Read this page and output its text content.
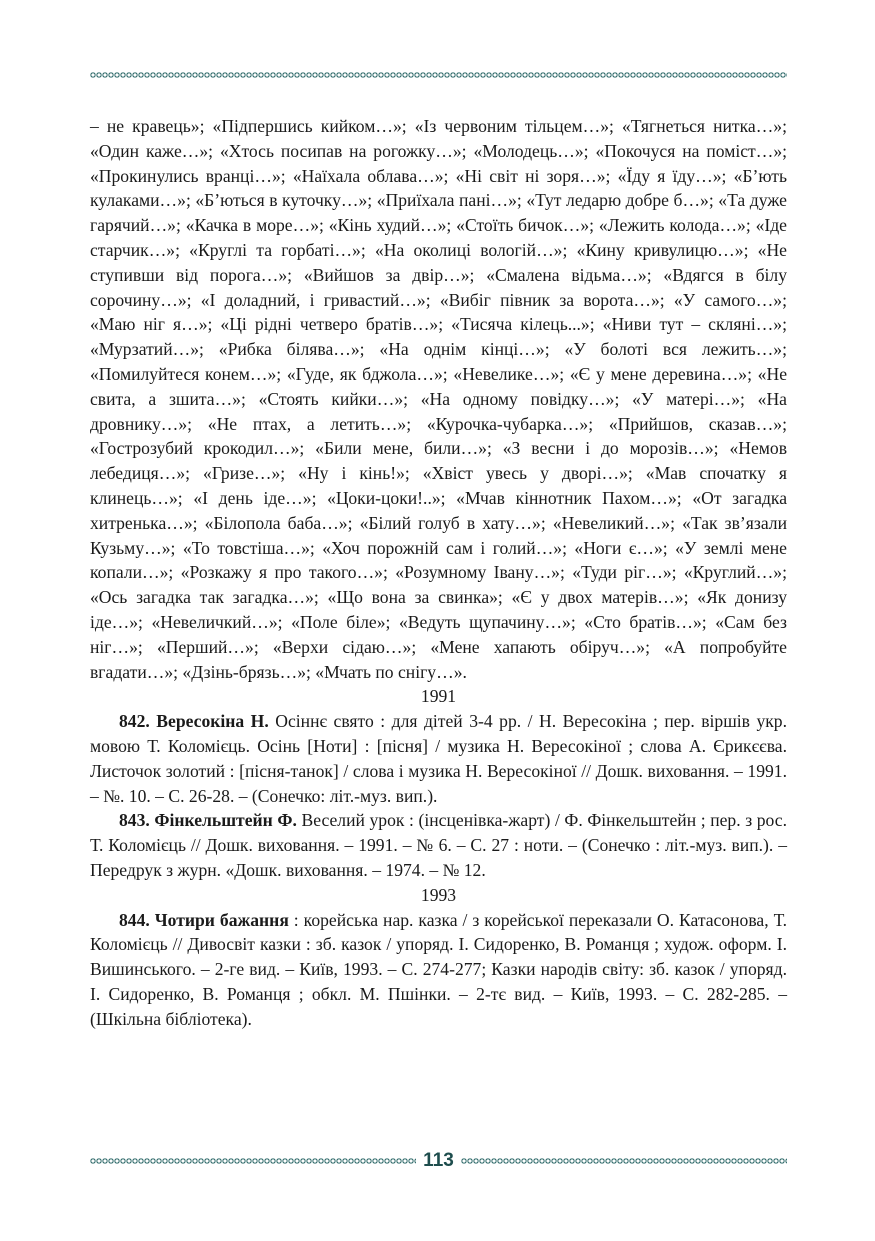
– не кравець»; «Підпершись кийком…»; «Із червоним тільцем…»; «Тягнеться нитка…»; «Один каже…»; «Хтось посипав на рогожку…»; «Молодець…»; «Покочуся на поміст…»; «Прокинулись вранці…»; «Наїхала облава…»; «Ні світ ні зоря…»; «Їду я їду…»; «Б’ють кулаками…»; «Б’ються в куточку…»; «Приїхала пані…»; «Тут ледарю добре б…»; «Та дуже гарячий…»; «Качка в море…»; «Кінь худий…»; «Стоїть бичок…»; «Лежить колода…»; «Іде старчик…»; «Круглі та горбаті…»; «На околиці вологій…»; «Кину кривулицю…»; «Не ступивши від порога…»; «Вийшов за двір…»; «Смалена відьма…»; «Вдягся в білу сорочину…»; «І доладний, і гривастий…»; «Вибіг півник за ворота…»; «У самого…»; «Маю ніг я…»; «Ці рідні четверо братів…»; «Тисяча кілець...»; «Ниви тут – скляні…»; «Мурзатий…»; «Рибка білява…»; «На однім кінці…»; «У болоті вся лежить…»; «Помилуйтеся конем…»; «Гуде, як бджола…»; «Невелике…»; «Є у мене деревина…»; «Не свита, а зшита…»; «Стоять кийки…»; «На одному повідку…»; «У матері…»; «На дровнику…»; «Не птах, а летить…»; «Курочка-чубарка…»; «Прийшов, сказав…»; «Гострозубий крокодил…»; «Били мене, били…»; «З весни і до морозів…»; «Немов лебедиця…»; «Гризе…»; «Ну і кінь!»; «Хвіст увесь у дворі…»; «Мав спочатку я клинець…»; «І день іде…»; «Цоки-цоки!..»; «Мчав кіннотник Пахом…»; «От загадка хитренька…»; «Білопола баба…»; «Білий голуб в хату…»; «Невеликий…»; «Так зв’язали Кузьму…»; «То товстіша…»; «Хоч порожній сам і голий…»; «Ноги є…»; «У землі мене копали…»; «Розкажу я про такого…»; «Розумному Івану…»; «Туди ріг…»; «Круглий…»; «Ось загадка так загадка…»; «Що вона за свинка»; «Є у двох матерів…»; «Як донизу іде…»; «Невеличкий…»; «Поле біле»; «Ведуть щупачину…»; «Сто братів…»; «Сам без ніг…»; «Перший…»; «Верхи сідаю…»; «Мене хапають обіруч…»; «А попробуйте вгадати…»; «Дзінь-брязь…»; «Мчать по снігу…».

1991

842. Вересокіна Н. Осіннє свято : для дітей 3-4 рр. / Н. Вересокіна ; пер. віршів укр. мовою Т. Коломієць. Осінь [Ноти] : [пісня] / музика Н. Вересокіної ; слова А. Єрикєєва. Листочок золотий : [пісня-танок] / слова і музика Н. Вересокіної // Дошк. виховання. – 1991. – №. 10. – С. 26-28. – (Сонечко: літ.-муз. вип.).

843. Фінкельштейн Ф. Веселий урок : (інсценівка-жарт) / Ф. Фінкельштейн ; пер. з рос. Т. Коломієць // Дошк. виховання. – 1991. – № 6. – С. 27 : ноти. – (Сонечко : літ.-муз. вип.). – Передрук з журн. «Дошк. виховання. – 1974. – № 12.

1993

844. Чотири бажання : корейська нар. казка / з корейської переказали О. Катасонова, Т. Коломієць // Дивосвіт казки : зб. казок / упоряд. І. Сидоренко, В. Романця ; худож. оформ. І. Вишинського. – 2-ге вид. – Київ, 1993. – С. 274-277; Казки народів світу: зб. казок / упоряд. І. Сидоренко, В. Романця ; обкл. М. Пшінки. – 2-тє вид. – Київ, 1993. – С. 282-285. – (Шкільна бібліотека).

113
